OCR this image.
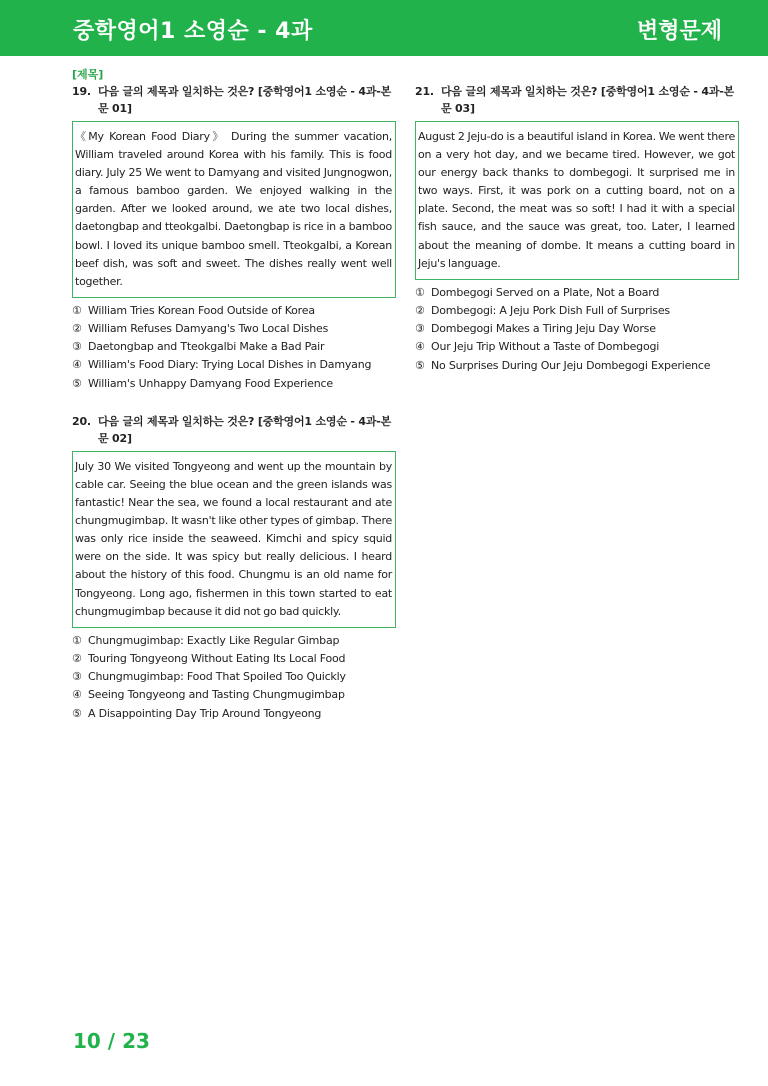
중학영어1 소영순 - 4과	변형문제
[제목]
19. 다음 글의 제목과 일치하는 것은? [중학영어1 소영순 - 4과-본문 01]
《My Korean Food Diary》 During the summer vacation, William traveled around Korea with his family. This is food diary. July 25 We went to Damyang and visited Jungnogwon, a famous bamboo garden. We enjoyed walking in the garden. After we looked around, we ate two local dishes, daetongbap and tteokgalbi. Daetongbap is rice in a bamboo bowl. I loved its unique bamboo smell. Tteokgalbi, a Korean beef dish, was soft and sweet. The dishes really went well together.
① William Tries Korean Food Outside of Korea
② William Refuses Damyang's Two Local Dishes
③ Daetongbap and Tteokgalbi Make a Bad Pair
④ William's Food Diary: Trying Local Dishes in Damyang
⑤ William's Unhappy Damyang Food Experience
20. 다음 글의 제목과 일치하는 것은? [중학영어1 소영순 - 4과-본문 02]
July 30 We visited Tongyeong and went up the mountain by cable car. Seeing the blue ocean and the green islands was fantastic! Near the sea, we found a local restaurant and ate chungmugimbap. It wasn't like other types of gimbap. There was only rice inside the seaweed. Kimchi and spicy squid were on the side. It was spicy but really delicious. I heard about the history of this food. Chungmu is an old name for Tongyeong. Long ago, fishermen in this town started to eat chungmugimbap because it did not go bad quickly.
① Chungmugimbap: Exactly Like Regular Gimbap
② Touring Tongyeong Without Eating Its Local Food
③ Chungmugimbap: Food That Spoiled Too Quickly
④ Seeing Tongyeong and Tasting Chungmugimbap
⑤ A Disappointing Day Trip Around Tongyeong
21. 다음 글의 제목과 일치하는 것은? [중학영어1 소영순 - 4과-본문 03]
August 2 Jeju-do is a beautiful island in Korea. We went there on a very hot day, and we became tired. However, we got our energy back thanks to dombegogi. It surprised me in two ways. First, it was pork on a cutting board, not on a plate. Second, the meat was so soft! I had it with a special fish sauce, and the sauce was great, too. Later, I learned about the meaning of dombe. It means a cutting board in Jeju's language.
① Dombegogi Served on a Plate, Not a Board
② Dombegogi: A Jeju Pork Dish Full of Surprises
③ Dombegogi Makes a Tiring Jeju Day Worse
④ Our Jeju Trip Without a Taste of Dombegogi
⑤ No Surprises During Our Jeju Dombegogi Experience
10 / 23
